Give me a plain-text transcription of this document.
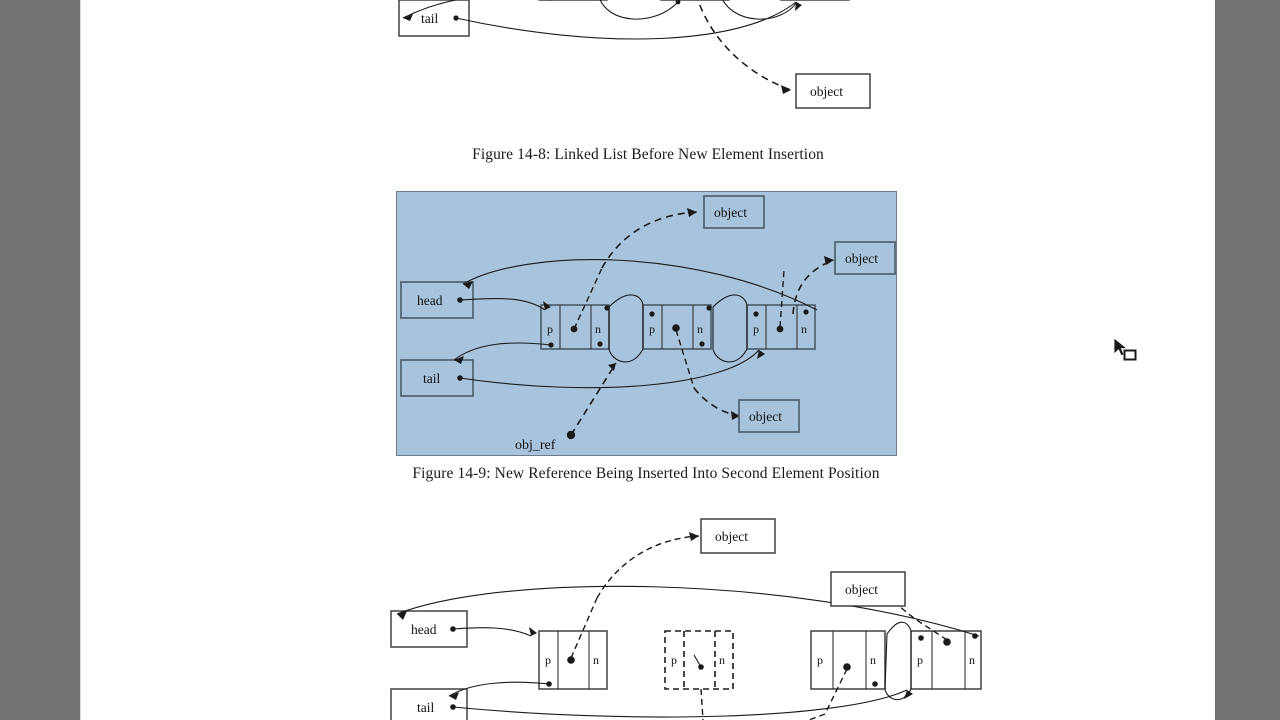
tail
object
Figure 14-8: Linked List Before New Element Insertion
head
tail
p	n	p	n	p	n
obj_ref
object
object
object
Figure 14-9: New Reference Being Inserted Into Second Element Position
head
tail
p	n	p	n	p	n	p	n
object
object
